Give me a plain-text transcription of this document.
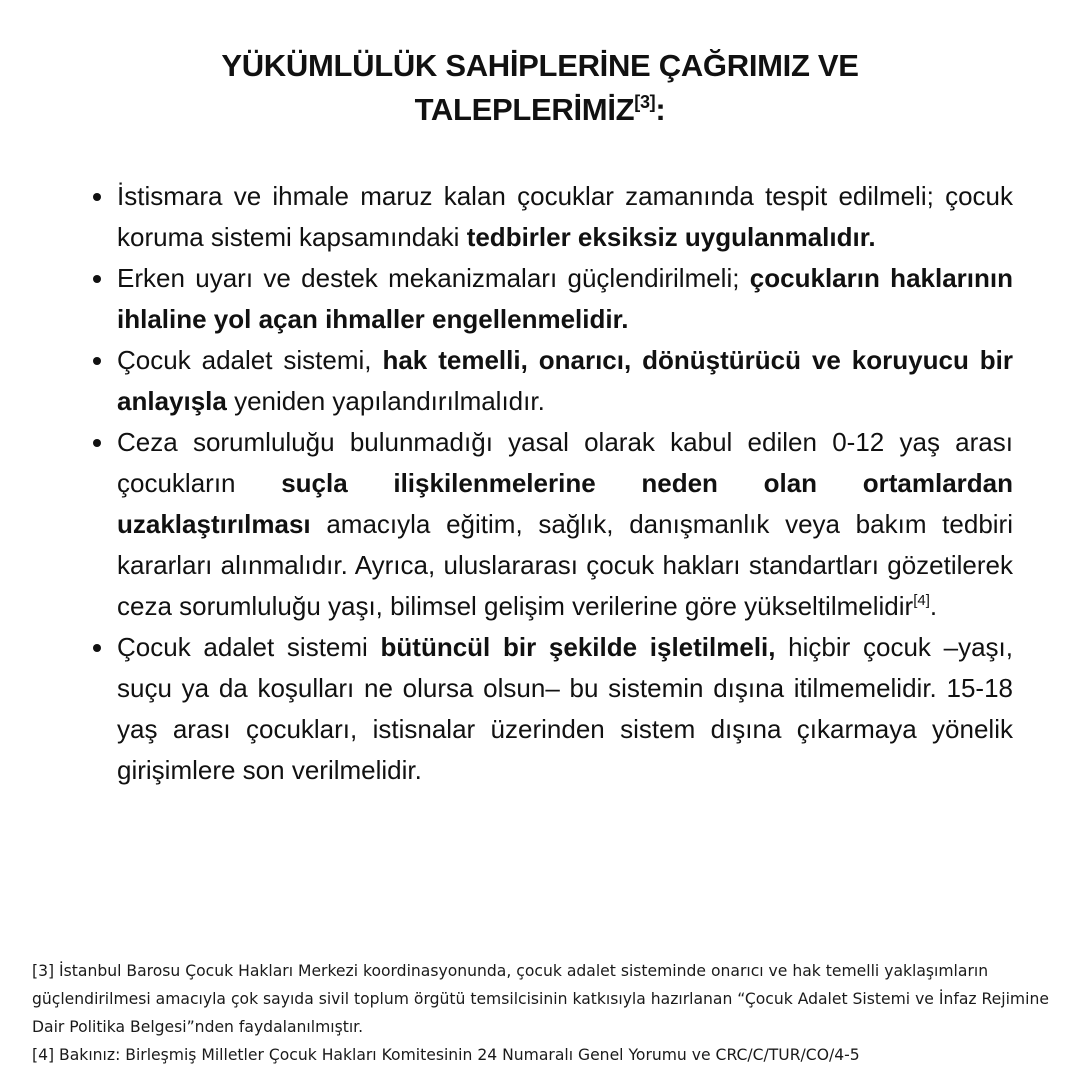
YÜKÜMLÜLÜK SAHİPLERİNE ÇAĞRIMIZ VE
TALEPLERİMİZ[3]:
İstismara ve ihmale maruz kalan çocuklar zamanında tespit edilmeli; çocuk koruma sistemi kapsamındaki tedbirler eksiksiz uygulanmalıdır.
Erken uyarı ve destek mekanizmaları güçlendirilmeli; çocukların haklarının ihlaline yol açan ihmaller engellenmelidir.
Çocuk adalet sistemi, hak temelli, onarıcı, dönüştürücü ve koruyucu bir anlayışla yeniden yapılandırılmalıdır.
Ceza sorumluluğu bulunmadığı yasal olarak kabul edilen 0-12 yaş arası çocukların suçla ilişkilenmelerine neden olan ortamlardan uzaklaştırılması amacıyla eğitim, sağlık, danışmanlık veya bakım tedbiri kararları alınmalıdır. Ayrıca, uluslararası çocuk hakları standartları gözetilerek ceza sorumluluğu yaşı, bilimsel gelişim verilerine göre yükseltilmelidir[4].
Çocuk adalet sistemi bütüncül bir şekilde işletilmeli, hiçbir çocuk –yaşı, suçu ya da koşulları ne olursa olsun– bu sistemin dışına itilmemelidir. 15-18 yaş arası çocukları, istisnalar üzerinden sistem dışına çıkarmaya yönelik girişimlere son verilmelidir.

[3] İstanbul Barosu Çocuk Hakları Merkezi koordinasyonunda, çocuk adalet sisteminde onarıcı ve hak temelli yaklaşımların güçlendirilmesi amacıyla çok sayıda sivil toplum örgütü temsilcisinin katkısıyla hazırlanan “Çocuk Adalet Sistemi ve İnfaz Rejimine Dair Politika Belgesi”nden faydalanılmıştır.

[4] Bakınız: Birleşmiş Milletler Çocuk Hakları Komitesinin 24 Numaralı Genel Yorumu ve CRC/C/TUR/CO/4-5
